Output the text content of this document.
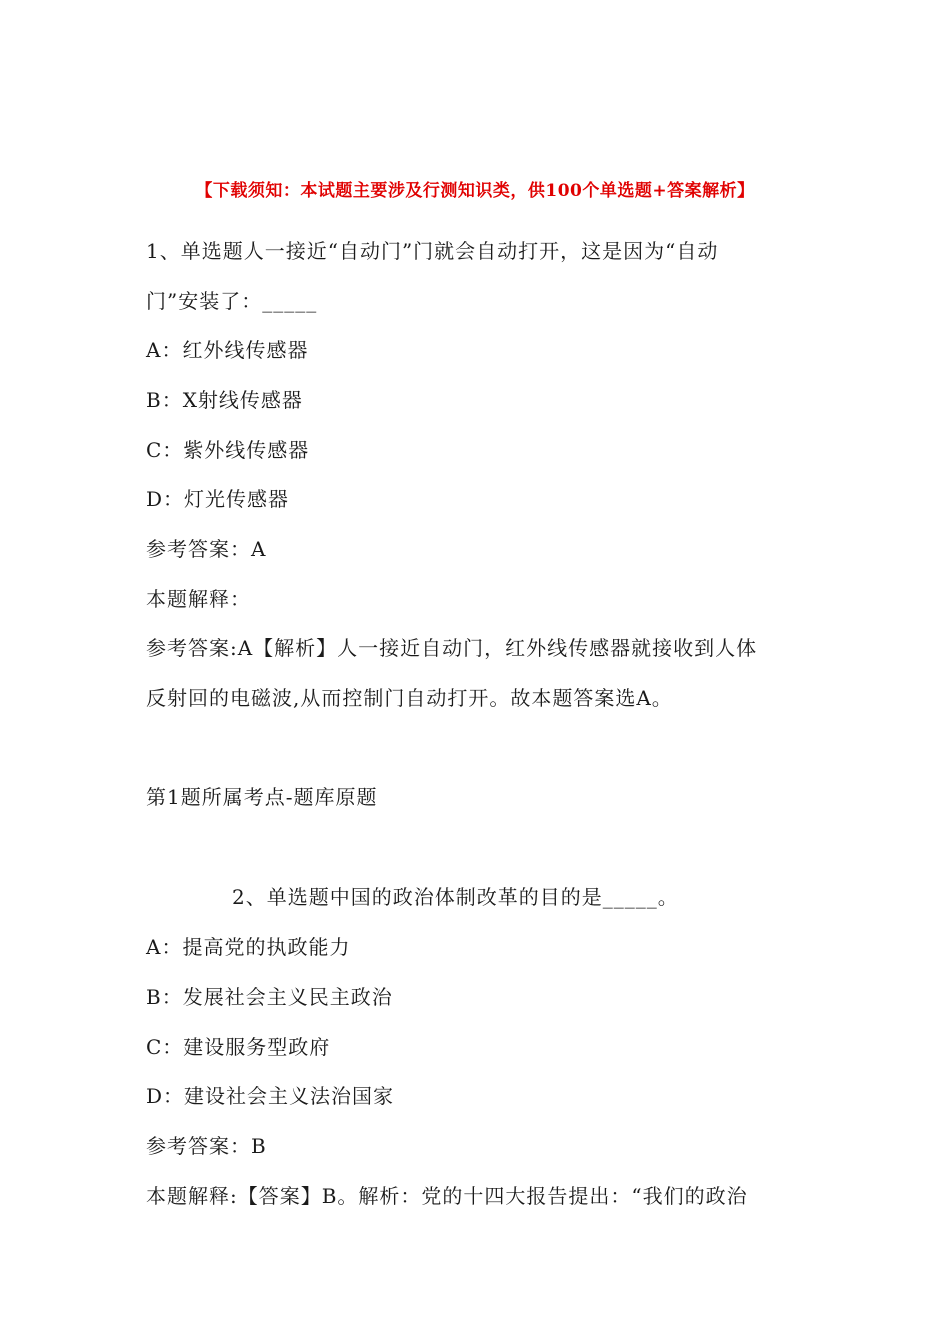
【下载须知：本试题主要涉及行测知识类，供100个单选题+答案解析】
1、单选题人一接近“自动门”门就会自动打开，这是因为“自动
门”安装了：_____
A：红外线传感器
B：X射线传感器
C：紫外线传感器
D：灯光传感器
参考答案：A
本题解释：
参考答案:A【解析】人一接近自动门，红外线传感器就接收到人体
反射回的电磁波,从而控制门自动打开。故本题答案选A。
第1题所属考点-题库原题
2、单选题中国的政治体制改革的目的是_____。
A：提高党的执政能力
B：发展社会主义民主政治
C：建设服务型政府
D：建设社会主义法治国家
参考答案：B
本题解释:【答案】B。解析：党的十四大报告提出：“我们的政治
